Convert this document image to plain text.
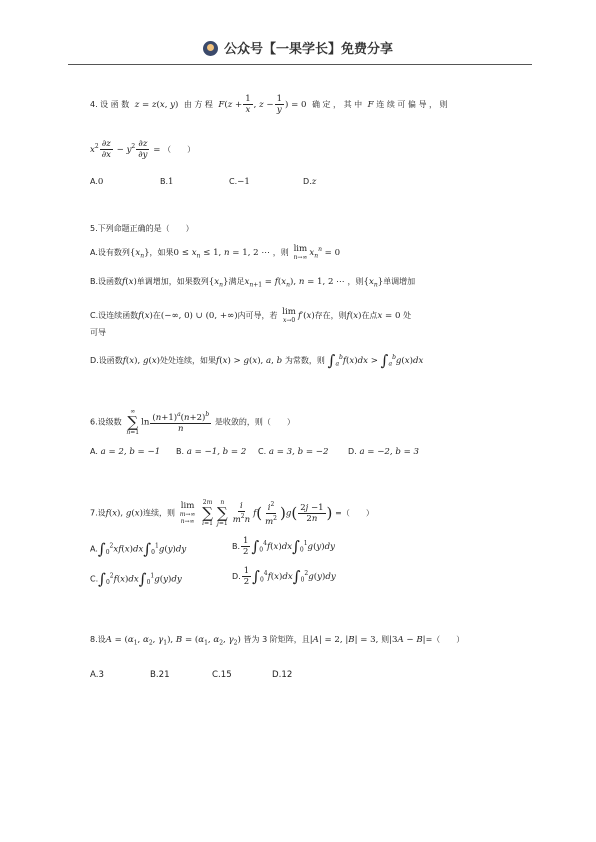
公众号【一果学长】免费分享
4. 设 函 数 z = z(x, y)  由 方 程 $F(z + \frac{1}{x}$ , $z - \frac{1}{y}$ ) = 0  确 定 ， 其 中 F 连 续 可 偏 导 ， 则
$x^2 \frac{\partial z}{\partial x} - y^2 \frac{\partial z}{\partial y}$ = （　　）
A.0	B.1	C.−1	D.z
5.下列命题正确的是（　　）
A.设有数列$\{x_n\}$，如果$0 \le x_n \le 1$, n = 1, 2 ⋯ ，则 lim
n→∞ $x_n^n = 0$
B.设函数f(x)单调增加，如果数列$\{x_n\}$满足$x_{n+1} = f(x_n)$, n = 1, 2 ⋯ ，则$\{x_n\}$单调增加
C.设连续函数f(x)在(−∞, 0) ∪ (0, +∞)内可导，若 lim
x→0 f′(x)存在，则f(x)在点x = 0 处
可导
D.设函数f(x), g(x)处处连续，如果f(x) > g(x), a, b 为常数，则 $\int_a^bf(x)dx > \int_a^bg(x)dx$
6.设级数
∞
∑
n=1
$\ln \frac{(n+1)^a(n+2)^b}{n}$ 是收敛的，则（　　）
A. a = 2, b = −1 B. a = −1, b = 2 C. a = 3, b = −2 D. a = −2, b = 3
7.设f(x), g(x)连续，则
lim
m→∞
n→∞

2m
∑
i=1
n
∑
$j=1 \frac{i}{m^2n} f( \frac{i^2}{m^2} )g( \frac{2j -1}{2n}$ ) =（　　）
$A.\int_0^2xf(x)dx\int_0^1g(y)dy$	B. $\frac{1}{2} \int_0^4f(x)dx\int_0^1g(y)dy$
$C.\int_0^2f(x)dx\int_0^1g(y)dy$	D. $\frac{1}{2} \int_0^4f(x)dx\int_0^2g(y)dy$
8.设$A = (\alpha_1$, $\alpha_2$, $\gamma_1$), $B = (\alpha_1$, $\alpha_2$, $\gamma_2$) 皆为 3 阶矩阵，且|A| = 2, |B| = 3, 则|3A − B|=（　　）
A.3	B.21	C.15	D.12
